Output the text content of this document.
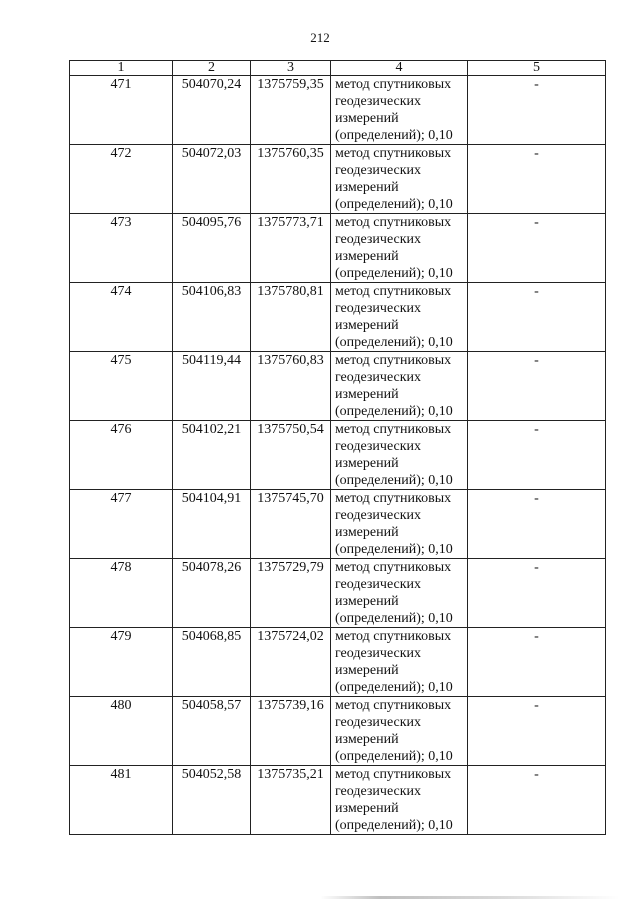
212
1	2	3	4	5
471	504070,24	1375759,35	метод спутниковых геодезических измерений (определений); 0,10	-
472	504072,03	1375760,35	метод спутниковых геодезических измерений (определений); 0,10	-
473	504095,76	1375773,71	метод спутниковых геодезических измерений (определений); 0,10	-
474	504106,83	1375780,81	метод спутниковых геодезических измерений (определений); 0,10	-
475	504119,44	1375760,83	метод спутниковых геодезических измерений (определений); 0,10	-
476	504102,21	1375750,54	метод спутниковых геодезических измерений (определений); 0,10	-
477	504104,91	1375745,70	метод спутниковых геодезических измерений (определений); 0,10	-
478	504078,26	1375729,79	метод спутниковых геодезических измерений (определений); 0,10	-
479	504068,85	1375724,02	метод спутниковых геодезических измерений (определений); 0,10	-
480	504058,57	1375739,16	метод спутниковых геодезических измерений (определений); 0,10	-
481	504052,58	1375735,21	метод спутниковых геодезических измерений (определений); 0,10	-
